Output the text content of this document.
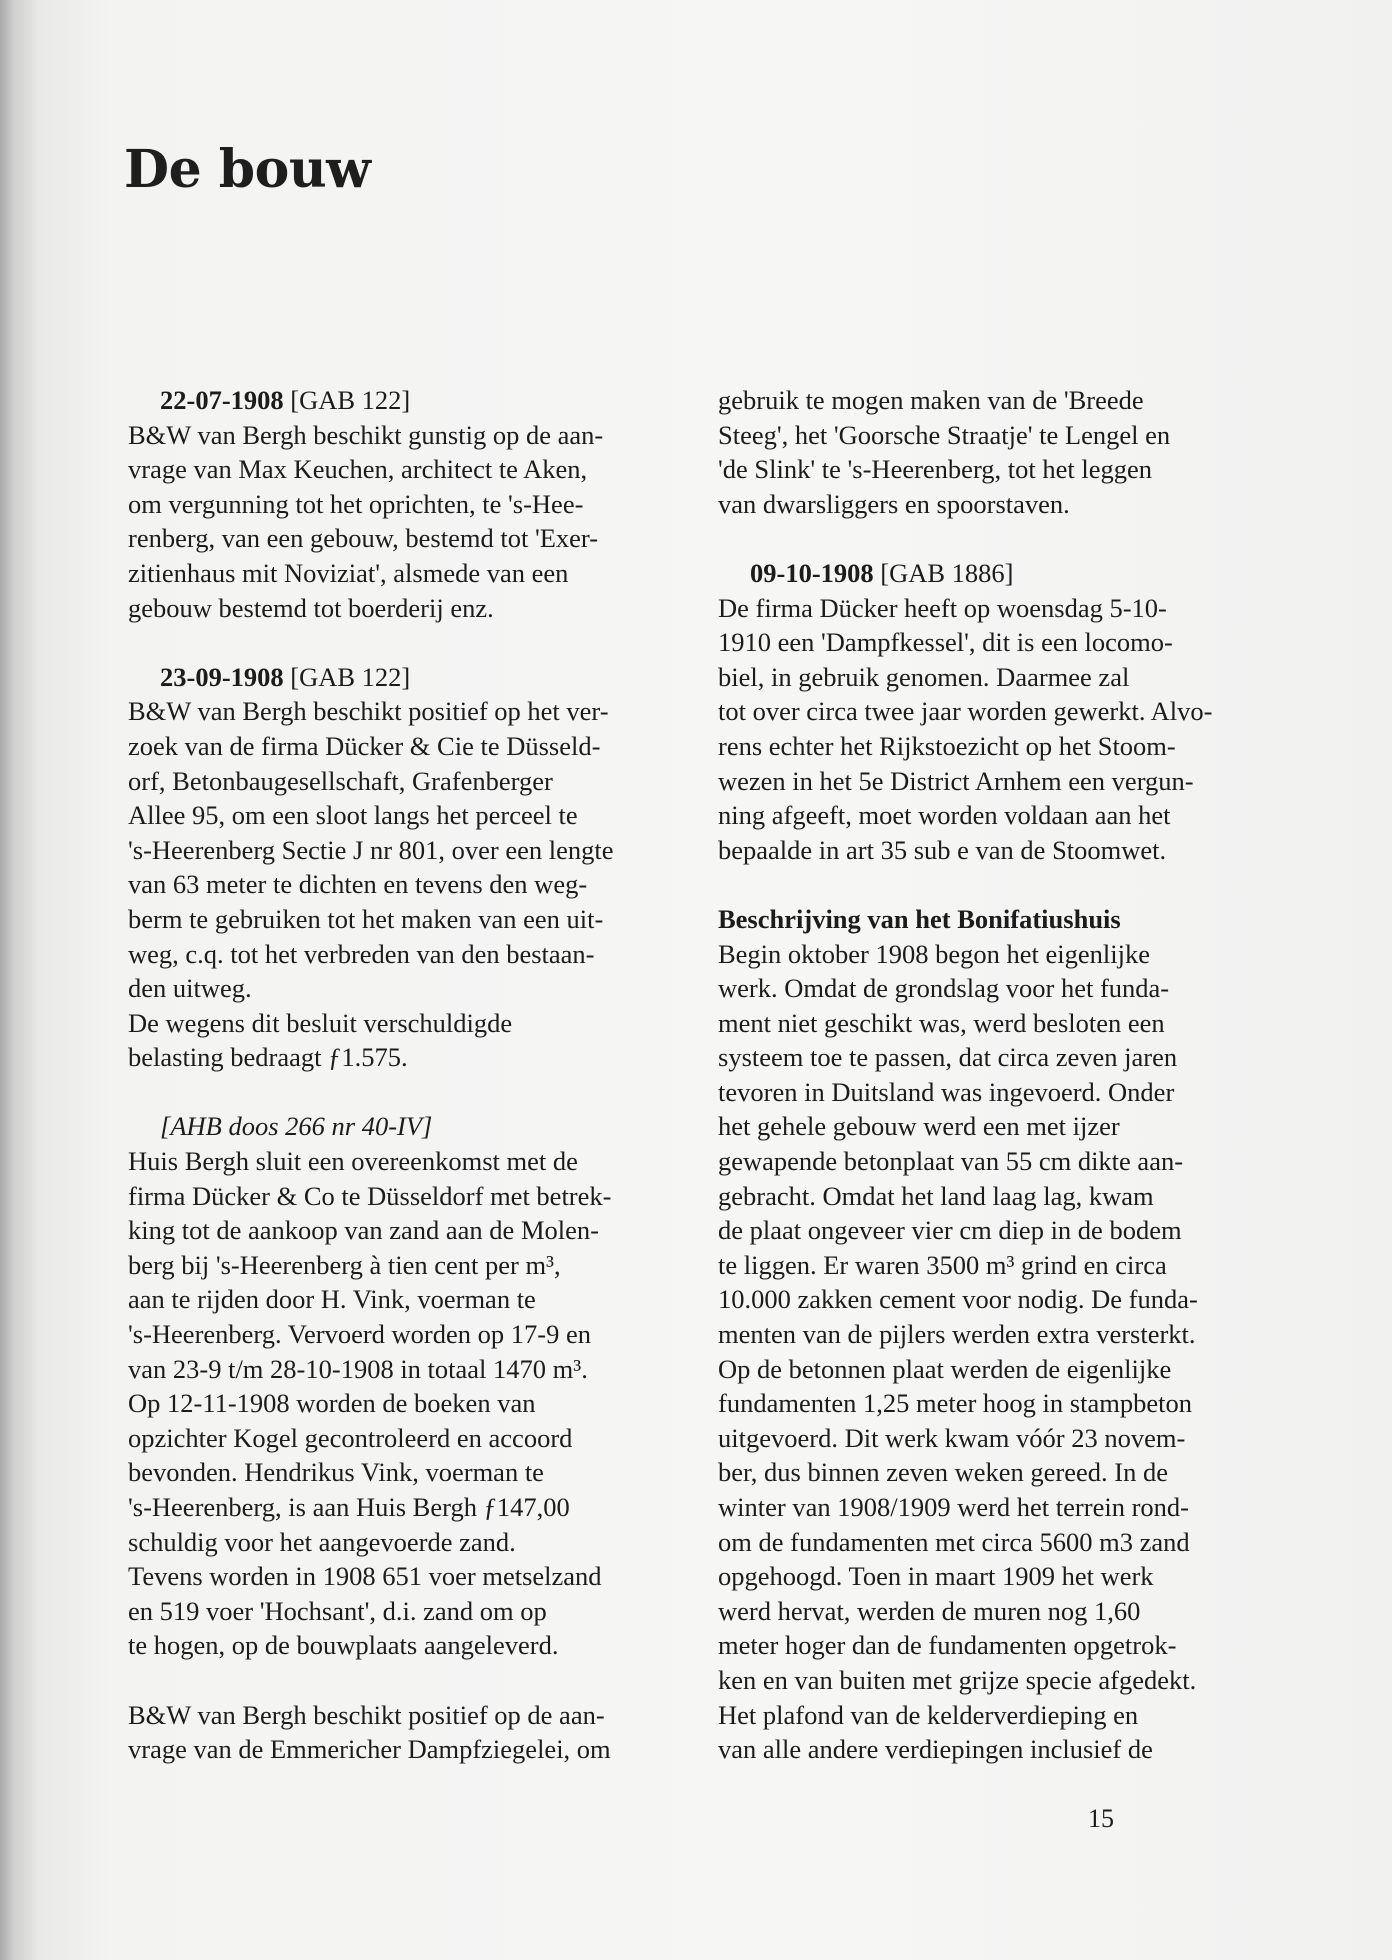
De bouw
22-07-1908 [GAB 122]
B&W van Bergh beschikt gunstig op de aan-
vrage van Max Keuchen, architect te Aken,
om vergunning tot het oprichten, te 's-Hee-
renberg, van een gebouw, bestemd tot 'Exer-
zitienhaus mit Noviziat', alsmede van een
gebouw bestemd tot boerderij enz.
23-09-1908 [GAB 122]
B&W van Bergh beschikt positief op het ver-
zoek van de firma Dücker & Cie te Düsseld-
orf, Betonbaugesellschaft, Grafenberger
Allee 95, om een sloot langs het perceel te
's-Heerenberg Sectie J nr 801, over een lengte
van 63 meter te dichten en tevens den weg-
berm te gebruiken tot het maken van een uit-
weg, c.q. tot het verbreden van den bestaan-
den uitweg.
De wegens dit besluit verschuldigde
belasting bedraagt ƒ1.575.
[AHB doos 266 nr 40-IV]
Huis Bergh sluit een overeenkomst met de
firma Dücker & Co te Düsseldorf met betrek-
king tot de aankoop van zand aan de Molen-
berg bij 's-Heerenberg à tien cent per m³,
aan te rijden door H. Vink, voerman te
's-Heerenberg. Vervoerd worden op 17-9 en
van 23-9 t/m 28-10-1908 in totaal 1470 m³.
Op 12-11-1908 worden de boeken van
opzichter Kogel gecontroleerd en accoord
bevonden. Hendrikus Vink, voerman te
's-Heerenberg, is aan Huis Bergh ƒ147,00
schuldig voor het aangevoerde zand.
Tevens worden in 1908 651 voer metselzand
en 519 voer 'Hochsant', d.i. zand om op
te hogen, op de bouwplaats aangeleverd.
B&W van Bergh beschikt positief op de aan-
vrage van de Emmericher Dampfziegelei, om
gebruik te mogen maken van de 'Breede
Steeg', het 'Goorsche Straatje' te Lengel en
'de Slink' te 's-Heerenberg, tot het leggen
van dwarsliggers en spoorstaven.
09-10-1908 [GAB 1886]
De firma Dücker heeft op woensdag 5-10-
1910 een 'Dampfkessel', dit is een locomo-
biel, in gebruik genomen. Daarmee zal
tot over circa twee jaar worden gewerkt. Alvo-
rens echter het Rijkstoezicht op het Stoom-
wezen in het 5e District Arnhem een vergun-
ning afgeeft, moet worden voldaan aan het
bepaalde in art 35 sub e van de Stoomwet.
Beschrijving van het Bonifatiushuis
Begin oktober 1908 begon het eigenlijke
werk. Omdat de grondslag voor het funda-
ment niet geschikt was, werd besloten een
systeem toe te passen, dat circa zeven jaren
tevoren in Duitsland was ingevoerd. Onder
het gehele gebouw werd een met ijzer
gewapende betonplaat van 55 cm dikte aan-
gebracht. Omdat het land laag lag, kwam
de plaat ongeveer vier cm diep in de bodem
te liggen. Er waren 3500 m³ grind en circa
10.000 zakken cement voor nodig. De funda-
menten van de pijlers werden extra versterkt.
Op de betonnen plaat werden de eigenlijke
fundamenten 1,25 meter hoog in stampbeton
uitgevoerd. Dit werk kwam vóór 23 novem-
ber, dus binnen zeven weken gereed. In de
winter van 1908/1909 werd het terrein rond-
om de fundamenten met circa 5600 m3 zand
opgehoogd. Toen in maart 1909 het werk
werd hervat, werden de muren nog 1,60
meter hoger dan de fundamenten opgetrok-
ken en van buiten met grijze specie afgedekt.
Het plafond van de kelderverdieping en
van alle andere verdiepingen inclusief de
15
